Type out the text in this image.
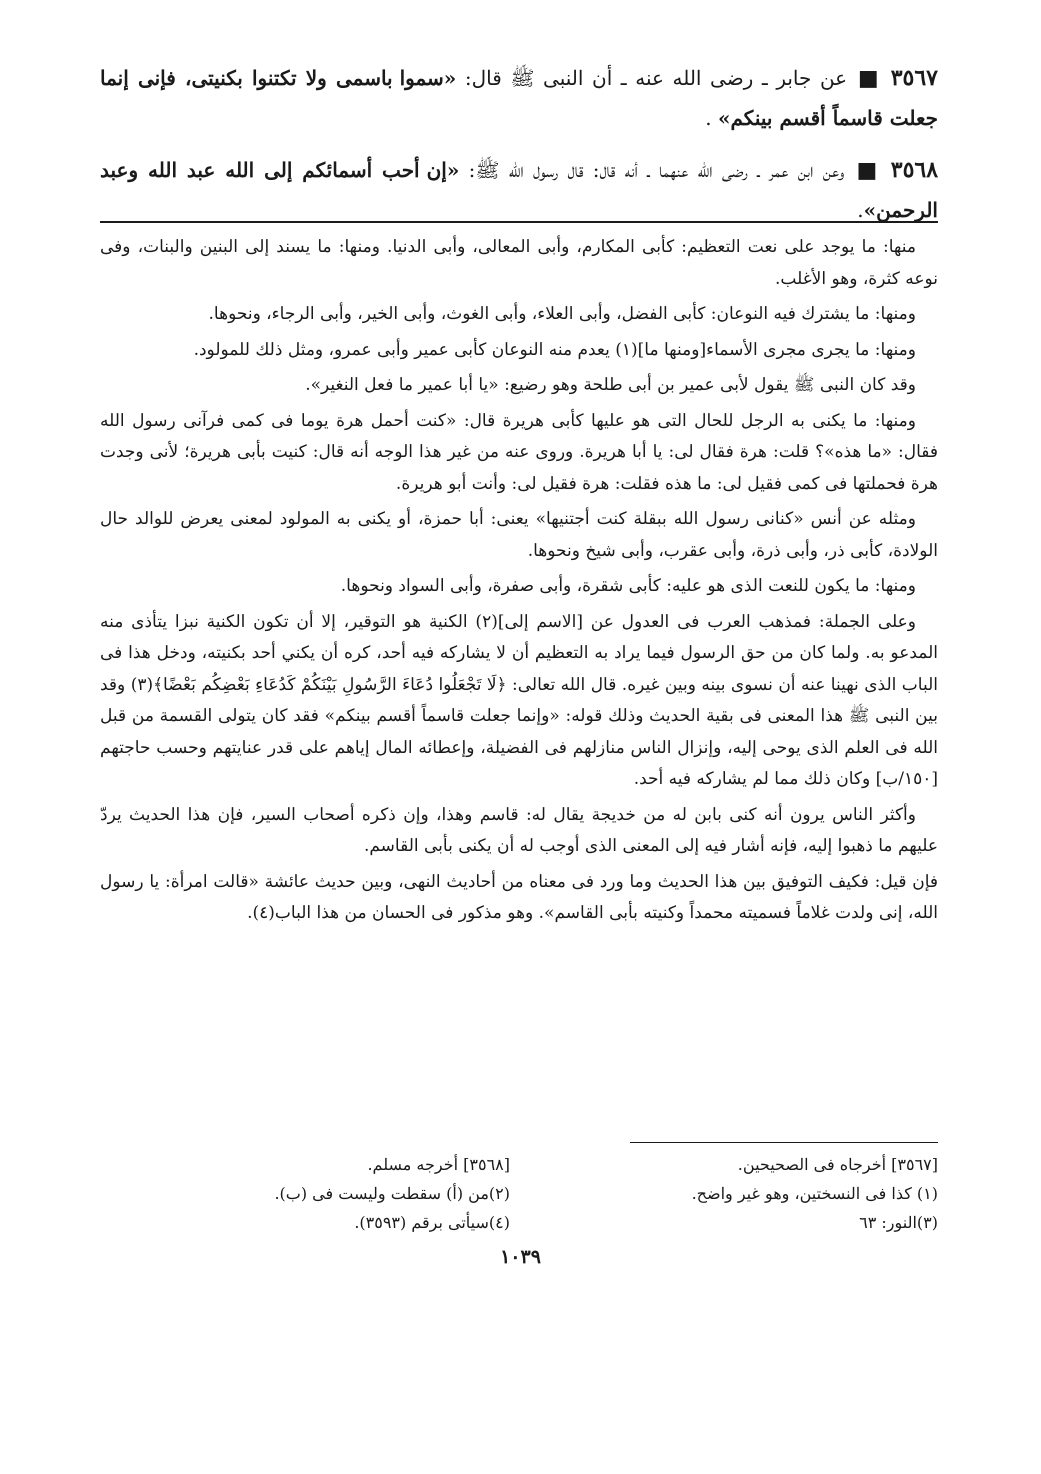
٣٥٦٧ ■ عن جابر ـ رضى الله عنه ـ أن النبى ﷺ قال: «سموا باسمى ولا تكتنوا بكنيتى، فإنى إنما جعلت قاسماً أقسم بينكم» .

٣٥٦٨ ■ وعن ابن عمر ـ رضى الله عنهما ـ أنه قال: قال رسول الله ﷺ: «إن أحب أسمائكم إلى الله عبد الله وعبد الرحمن».

منها: ما يوجد على نعت التعظيم: كأبى المكارم، وأبى المعالى، وأبى الدنيا. ومنها: ما يسند إلى البنين والبنات، وفى نوعه كثرة، وهو الأغلب.

ومنها: ما يشترك فيه النوعان: كأبى الفضل، وأبى العلاء، وأبى الغوث، وأبى الخير، وأبى الرجاء، ونحوها.

ومنها: ما يجرى مجرى الأسماء[ومنها ما](١) يعدم منه النوعان كأبى عمير وأبى عمرو، ومثل ذلك للمولود.

وقد كان النبى ﷺ يقول لأبى عمير بن أبى طلحة وهو رضيع: «يا أبا عمير ما فعل النغير».

ومنها: ما يكنى به الرجل للحال التى هو عليها كأبى هريرة قال: «كنت أحمل هرة يوما فى كمى فرآنى رسول الله فقال: «ما هذه»؟ قلت: هرة فقال لى: يا أبا هريرة. وروى عنه من غير هذا الوجه أنه قال: كنيت بأبى هريرة؛ لأنى وجدت هرة فحملتها فى كمى فقيل لى: ما هذه فقلت: هرة فقيل لى: وأنت أبو هريرة.

ومثله عن أنس «كنانى رسول الله ببقلة كنت أجتنيها» يعنى: أبا حمزة، أو يكنى به المولود لمعنى يعرض للوالد حال الولادة، كأبى ذر، وأبى ذرة، وأبى عقرب، وأبى شيخ ونحوها.

ومنها: ما يكون للنعت الذى هو عليه: كأبى شقرة، وأبى صفرة، وأبى السواد ونحوها.

وعلى الجملة: فمذهب العرب فى العدول عن [الاسم إلى](٢) الكنية هو التوقير، إلا أن تكون الكنية نبزا يتأذى منه المدعو به. ولما كان من حق الرسول فيما يراد به التعظيم أن لا يشاركه فيه أحد، كره أن يكني أحد بكنيته، ودخل هذا فى الباب الذى نهينا عنه أن نسوى بينه وبين غيره. قال الله تعالى: ﴿لَا تَجْعَلُوا دُعَاءَ الرَّسُولِ بَيْنَكُمْ كَدُعَاءِ بَعْضِكُم بَعْضًا﴾(٣) وقد بين النبى ﷺ هذا المعنى فى بقية الحديث وذلك قوله: «وإنما جعلت قاسماً أقسم بينكم» فقد كان يتولى القسمة من قبل الله فى العلم الذى يوحى إليه، وإنزال الناس منازلهم فى الفضيلة، وإعطائه المال إياهم على قدر عنايتهم وحسب حاجتهم [١٥٠/ب] وكان ذلك مما لم يشاركه فيه أحد.

وأكثر الناس يرون أنه كنى بابن له من خديجة يقال له: قاسم وهذا، وإن ذكره أصحاب السير، فإن هذا الحديث يردّ عليهم ما ذهبوا إليه، فإنه أشار فيه إلى المعنى الذى أوجب له أن يكنى بأبى القاسم.

فإن قيل: فكيف التوفيق بين هذا الحديث وما ورد فى معناه من أحاديث النهى، وبين حديث عائشة «قالت امرأة: يا رسول الله، إنى ولدت غلاماً فسميته محمداً وكنيته بأبى القاسم». وهو مذكور فى الحسان من هذا الباب(٤).

[٣٥٦٧] أخرجاه فى الصحيحين.
(١) كذا فى النسختين، وهو غير واضح.
(٣)النور: ٦٣
[٣٥٦٨] أخرجه مسلم.
(٢)من (أ) سقطت وليست فى (ب).
(٤)سيأتى برقم (٣٥٩٣).
١٠٣٩
